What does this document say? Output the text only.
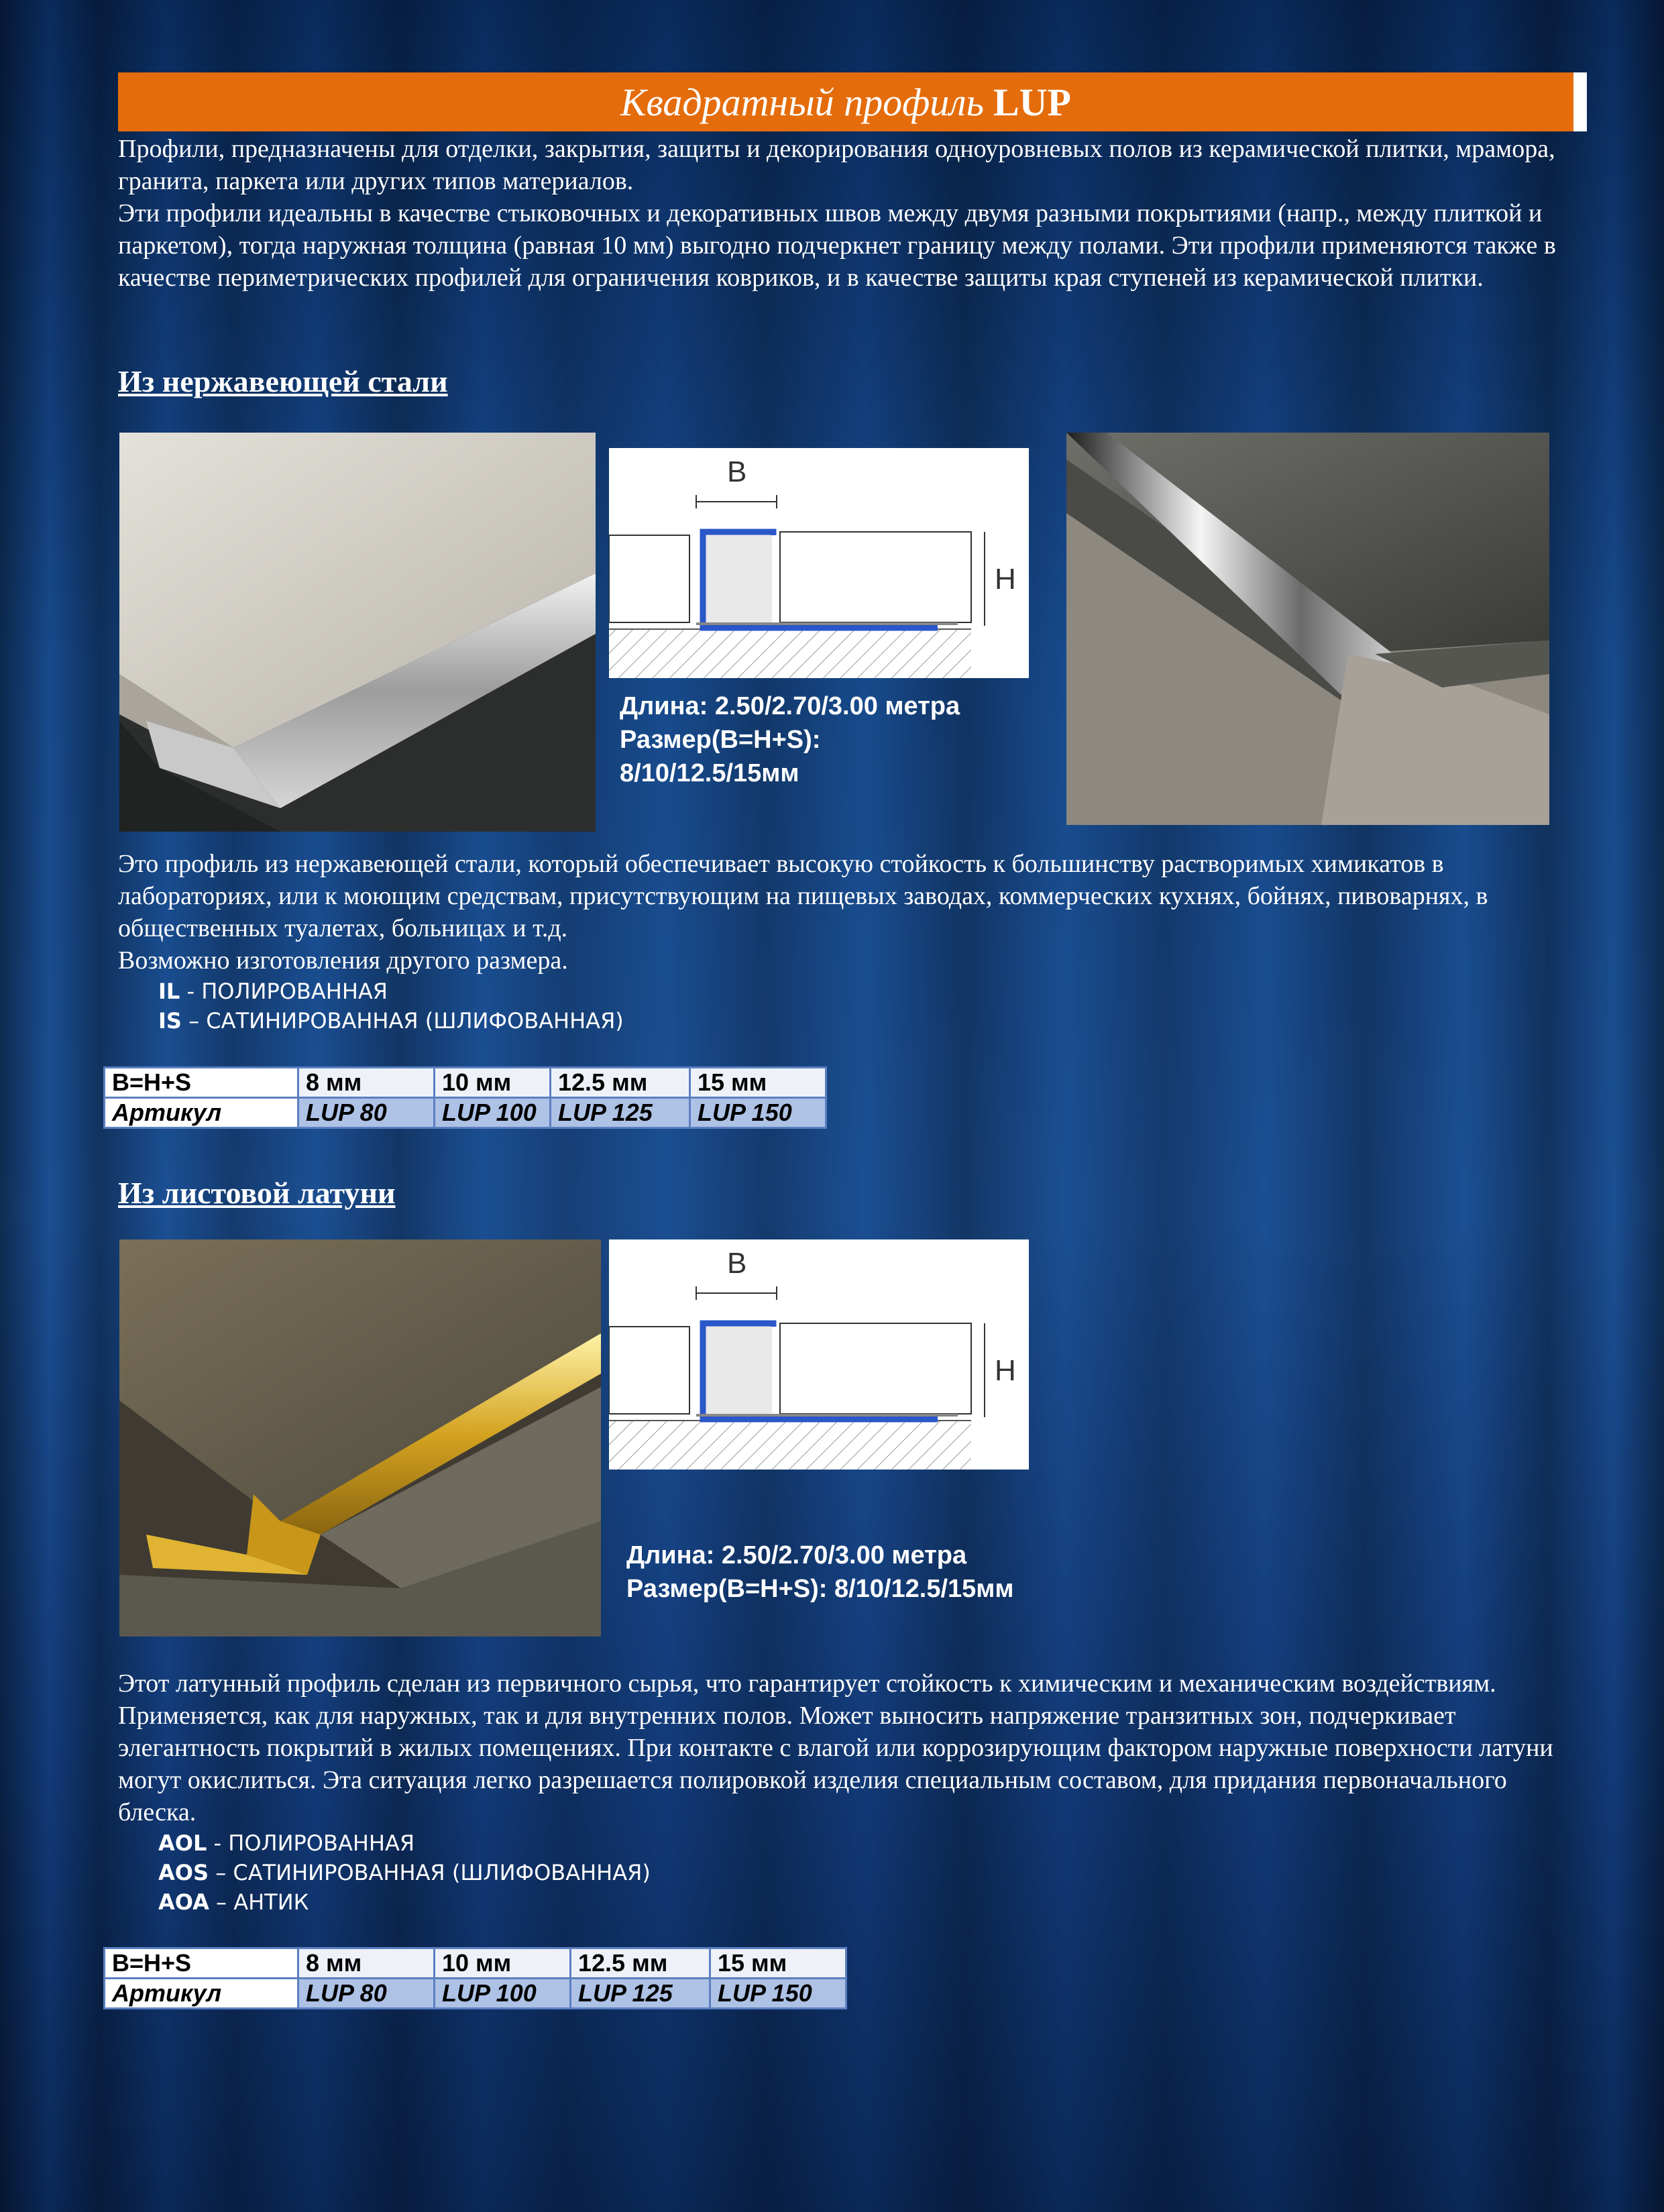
Квадратный профиль LUP

Профили, предназначены для отделки, закрытия, защиты и декорирования одноуровневых полов из керамической плитки, мрамора, гранита, паркета или других типов материалов.

Эти профили идеальны в качестве стыковочных и декоративных швов между двумя разными покрытиями (напр., между плиткой и паркетом), тогда наружная толщина (равная 10 мм) выгодно подчеркнет границу между полами. Эти профили применяются также в качестве периметрических профилей для ограничения ковриков, и в качестве защиты края ступеней из керамической плитки.

Из нержавеющей стали
B
H
Длина: 2.50/2.70/3.00 метра
Размер(B=H+S):
8/10/12.5/15мм

Это профиль из нержавеющей стали, который обеспечивает высокую стойкость к большинству растворимых химикатов в лабораториях, или к моющим средствам, присутствующим на пищевых заводах, коммерческих кухнях, бойнях, пивоварнях, в общественных туалетах, больницах и т.д.

Возможно изготовления другого размера.

IL - ПОЛИРОВАННАЯ
IS – САТИНИРОВАННАЯ (ШЛИФОВАННАЯ)
B=H+S	8 мм	10 мм	12.5 мм	15 мм
Артикул	LUP 80	LUP 100	LUP 125	LUP 150
Из листовой латуни
B
H
Длина: 2.50/2.70/3.00 метра
Размер(B=H+S): 8/10/12.5/15мм

Этот латунный профиль сделан из первичного сырья, что гарантирует стойкость к химическим и механическим воздействиям. Применяется, как для наружных, так и для внутренних полов. Может выносить напряжение транзитных зон, подчеркивает элегантность покрытий в жилых помещениях. При контакте с влагой или коррозирующим фактором наружные поверхности латуни могут окислиться. Эта ситуация легко разрешается полировкой изделия специальным составом, для придания первоначального блеска.

AOL - ПОЛИРОВАННАЯ
AOS – САТИНИРОВАННАЯ (ШЛИФОВАННАЯ)
AOA – АНТИК
B=H+S	8 мм	10 мм	12.5 мм	15 мм
Артикул	LUP 80	LUP 100	LUP 125	LUP 150
